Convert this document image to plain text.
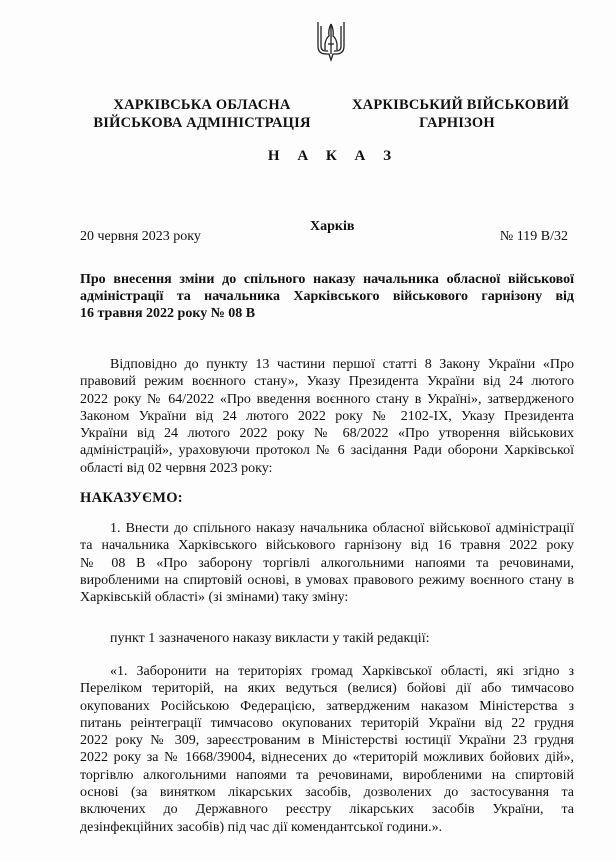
ХАРКІВСЬКА ОБЛАСНА
ВІЙСЬКОВА АДМІНІСТРАЦІЯ
ХАРКІВСЬКИЙ ВІЙСЬКОВИЙ
ГАРНІЗОН
Н А К А З
20 червня 2023 року
Харків
№ 119 В/32
Про внесення зміни до спільного наказу начальника обласної військової
адміністрації та начальника Харківського військового гарнізону від
16 травня 2022 року № 08 В
Відповідно до пункту 13 частини першої статті 8 Закону України «Про
правовий режим воєнного стану», Указу Президента України від 24 лютого
2022 року № 64/2022 «Про введення воєнного стану в Україні», затвердженого
Законом України від 24 лютого 2022 року № 2102-IX, Указу Президента
України від 24 лютого 2022 року № 68/2022 «Про утворення військових
адміністрацій», ураховуючи протокол № 6 засідання Ради оборони Харківської
області від 02 червня 2023 року:
НАКАЗУЄМО:
1. Внести до спільного наказу начальника обласної військової адміністрації
та начальника Харківського військового гарнізону від 16 травня 2022 року
№ 08 В «Про заборону торгівлі алкогольними напоями та речовинами,
виробленими на спиртовій основі, в умовах правового режиму воєнного стану в
Харківській області» (зі змінами) таку зміну:
пункт 1 зазначеного наказу викласти у такій редакції:
«1. Заборонити на територіях громад Харківської області, які згідно з
Переліком територій, на яких ведуться (велися) бойові дії або тимчасово
окупованих Російською Федерацією, затвердженим наказом Міністерства з
питань реінтеграції тимчасово окупованих територій України від 22 грудня
2022 року № 309, зареєстрованим в Міністерстві юстиції України 23 грудня
2022 року за № 1668/39004, віднесених до «територій можливих бойових дій»,
торгівлю алкогольними напоями та речовинами, виробленими на спиртовій
основі (за винятком лікарських засобів, дозволених до застосування та
включених до Державного реєстру лікарських засобів України, та
дезінфекційних засобів) під час дії комендантської години.».
